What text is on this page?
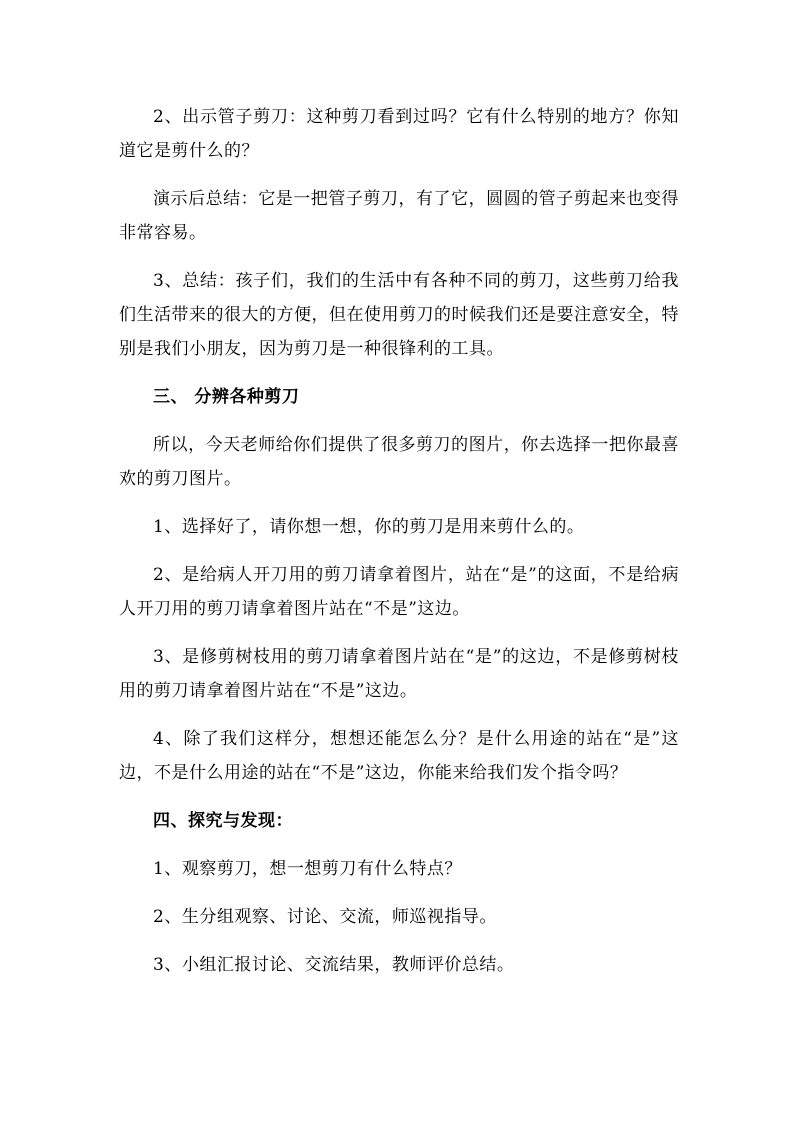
2、出示管子剪刀：这种剪刀看到过吗？它有什么特别的地方？你知道它是剪什么的？

演示后总结：它是一把管子剪刀，有了它，圆圆的管子剪起来也变得非常容易。

3、总结：孩子们，我们的生活中有各种不同的剪刀，这些剪刀给我们生活带来的很大的方便，但在使用剪刀的时候我们还是要注意安全，特别是我们小朋友，因为剪刀是一种很锋利的工具。

三、 分辨各种剪刀

所以，今天老师给你们提供了很多剪刀的图片，你去选择一把你最喜欢的剪刀图片。

1、选择好了，请你想一想，你的剪刀是用来剪什么的。

2、是给病人开刀用的剪刀请拿着图片，站在“是”的这面，不是给病人开刀用的剪刀请拿着图片站在“不是”这边。

3、是修剪树枝用的剪刀请拿着图片站在“是”的这边，不是修剪树枝用的剪刀请拿着图片站在“不是”这边。

4、除了我们这样分，想想还能怎么分？是什么用途的站在“是”这边，不是什么用途的站在“不是”这边，你能来给我们发个指令吗？

四、探究与发现：

1、观察剪刀，想一想剪刀有什么特点？

2、生分组观察、讨论、交流，师巡视指导。

3、小组汇报讨论、交流结果，教师评价总结。
